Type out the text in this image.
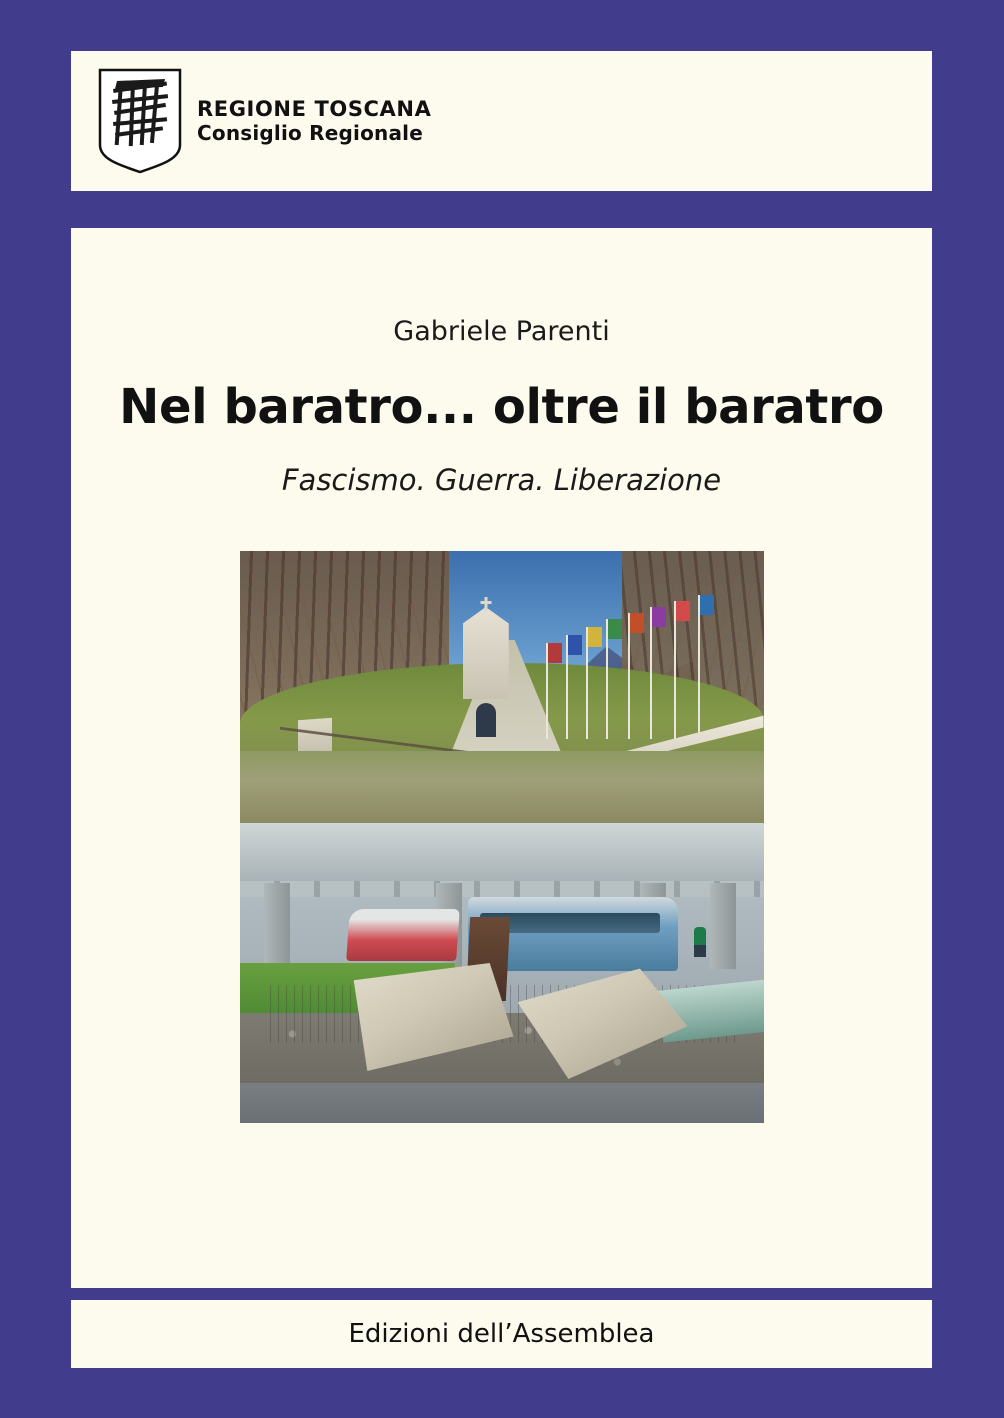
REGIONE TOSCANA
Consiglio Regionale
Gabriele Parenti
Nel baratro... oltre il baratro
Fascismo. Guerra. Liberazione
Edizioni dell’Assemblea
